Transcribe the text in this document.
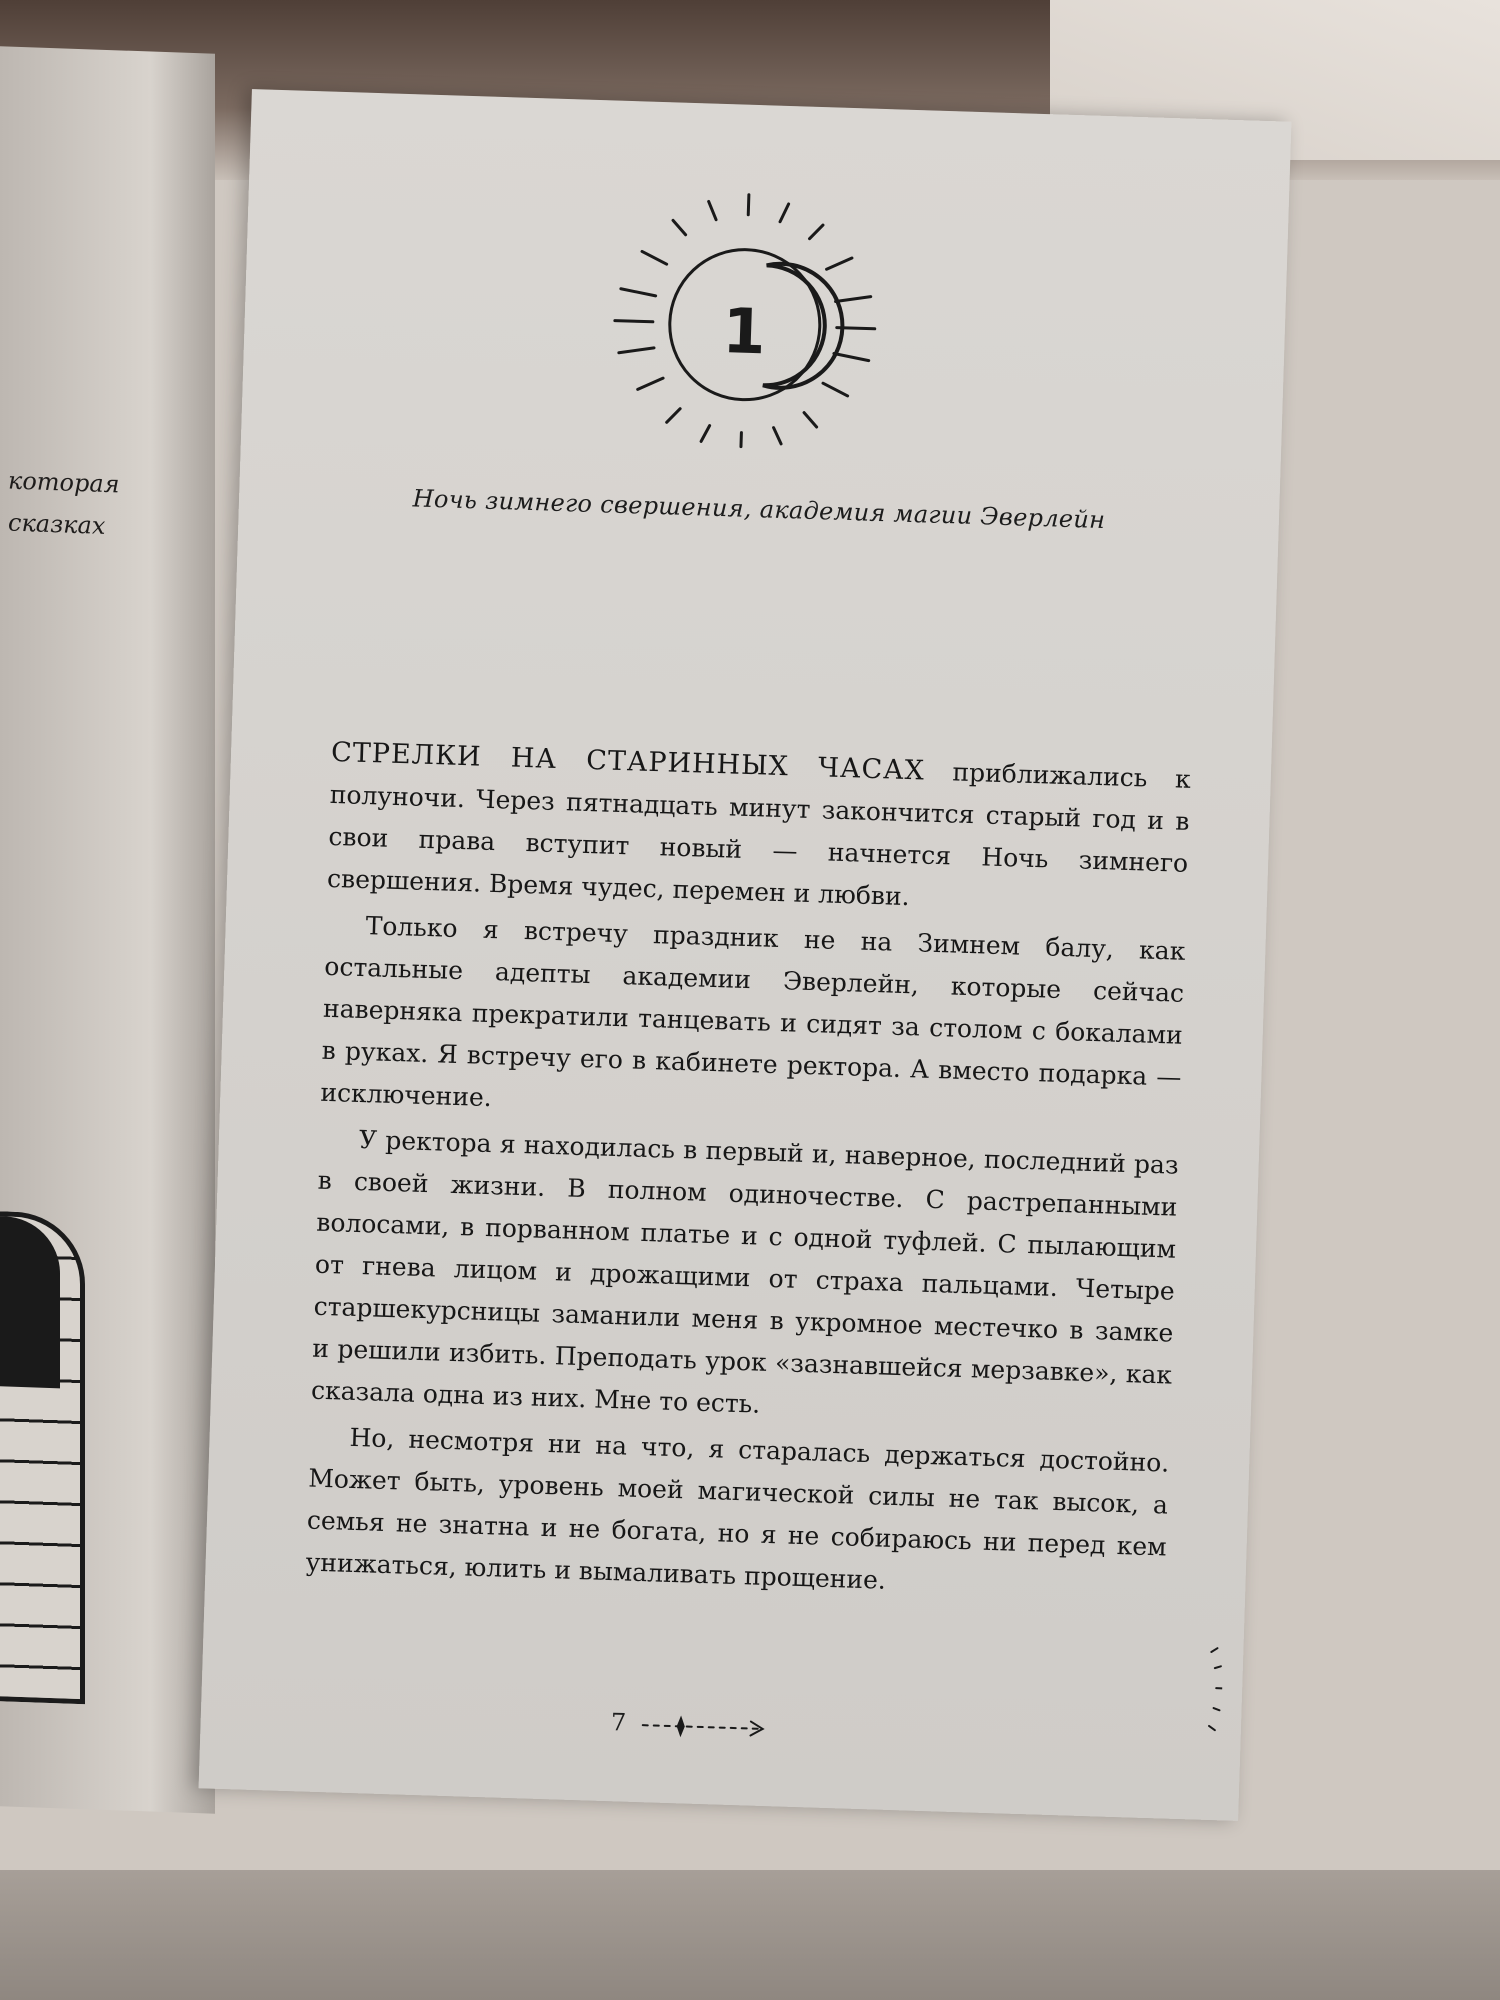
которая
сказках
1
Ночь зимнего свершения, академия магии Эверлейн

СТРЕЛКИ НА СТАРИННЫХ ЧАСАХ приближались к полуночи. Через пятнадцать минут закончится старый год и в свои права вступит новый — начнется Ночь зимнего свершения. Время чудес, перемен и любви.

Только я встречу праздник не на Зимнем балу, как остальные адепты академии Эверлейн, которые сейчас наверняка прекратили танцевать и сидят за столом с бокалами в руках. Я встречу его в кабинете ректора. А вместо подарка — исключение.

У ректора я находилась в первый и, наверное, последний раз в своей жизни. В полном одиночестве. С растрепанными волосами, в порванном платье и с одной туфлей. С пылающим от гнева лицом и дрожащими от страха пальцами. Четыре старшекурсницы заманили меня в укромное местечко в замке и решили избить. Преподать урок «зазнавшейся мерзавке», как сказала одна из них. Мне то есть.

Но, несмотря ни на что, я старалась держаться достойно. Может быть, уровень моей магической силы не так высок, а семья не знатна и не богата, но я не собираюсь ни перед кем унижаться, юлить и вымаливать прощение.

7
